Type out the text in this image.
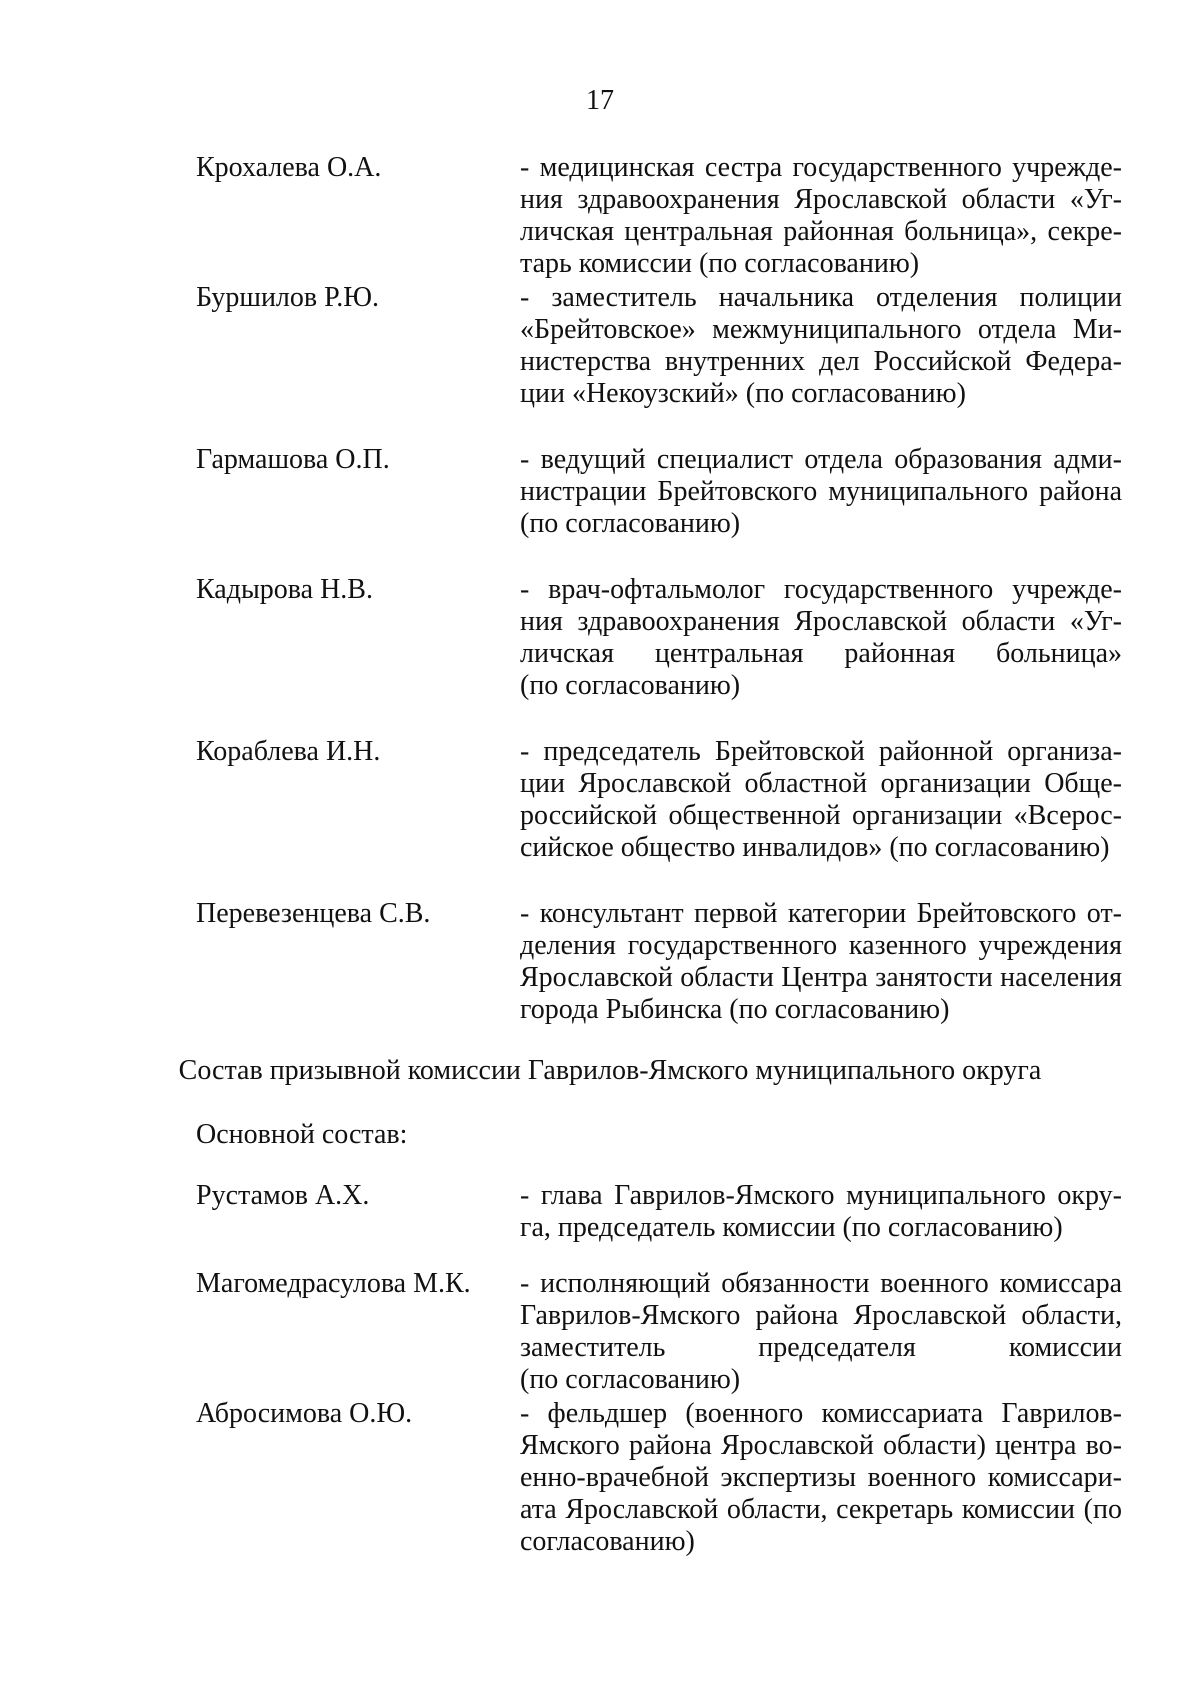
17
Крохалева О.А.	- медицинская сестра государственного учрежде-
ния здравоохранения Ярославской области «Уг-
личская центральная районная больница», секре-
тарь комиссии (по согласованию)
Буршилов Р.Ю.	- заместитель начальника отделения полиции
«Брейтовское» межмуниципального отдела Ми-
нистерства внутренних дел Российской Федера-
ции «Некоузский» (по согласованию)
Гармашова О.П.	- ведущий специалист отдела образования адми-
нистрации Брейтовского муниципального района
(по согласованию)
Кадырова Н.В.	- врач-офтальмолог государственного учрежде-
ния здравоохранения Ярославской области «Уг-
личская центральная районная больница»
(по согласованию)
Кораблева И.Н.	- председатель Брейтовской районной организа-
ции Ярославской областной организации Обще-
российской общественной организации «Всерос-
сийское общество инвалидов» (по согласованию)
Перевезенцева С.В.	- консультант первой категории Брейтовского от-
деления государственного казенного учреждения
Ярославской области Центра занятости населения
города Рыбинска (по согласованию)
Состав призывной комиссии Гаврилов-Ямского муниципального округа
Основной состав:
Рустамов А.Х.	- глава Гаврилов-Ямского муниципального окру-
га, председатель комиссии (по согласованию)
Магомедрасулова М.К. - исполняющий обязанности военного комиссара
Гаврилов-Ямского района Ярославской области,
заместитель председателя комиссии
(по согласованию)
Абросимова О.Ю.	- фельдшер (военного комиссариата Гаврилов-
Ямского района Ярославской области) центра во-
енно-врачебной экспертизы военного комиссари-
ата Ярославской области, секретарь комиссии (по
согласованию)
